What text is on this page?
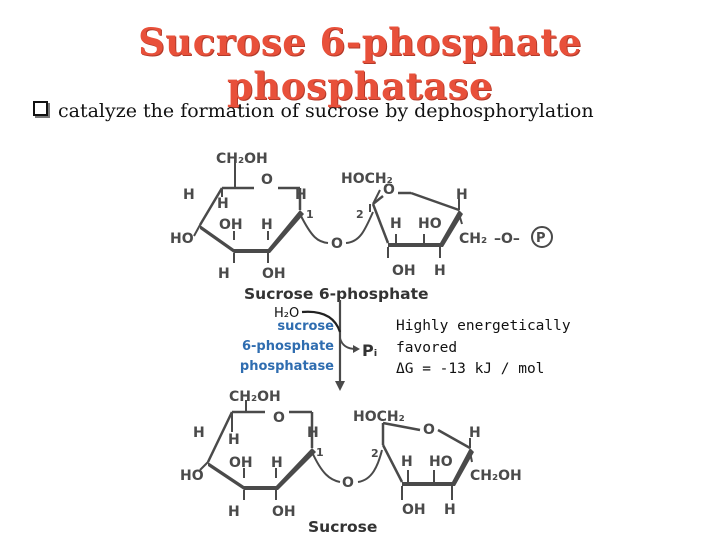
Sucrose 6-phosphate phosphatase
catalyze the formation of sucrose by dephosphorylation
CH₂OH
O
H
H
H
OH H
HO
H OH
1
O
HOCH₂
O	H
2
H HO
CH₂ –O– P
OH H
Sucrose 6-phosphate
H₂O
sucrose
6-phosphate
phosphatase
Pᵢ
CH₂OH
O
H H	H
OH H
HO
H OH
1
O
HOCH₂
O H
2
H HO
CH₂OH
OH H
Sucrose
Highly energetically
favored
ΔG = -13 kJ / mol
